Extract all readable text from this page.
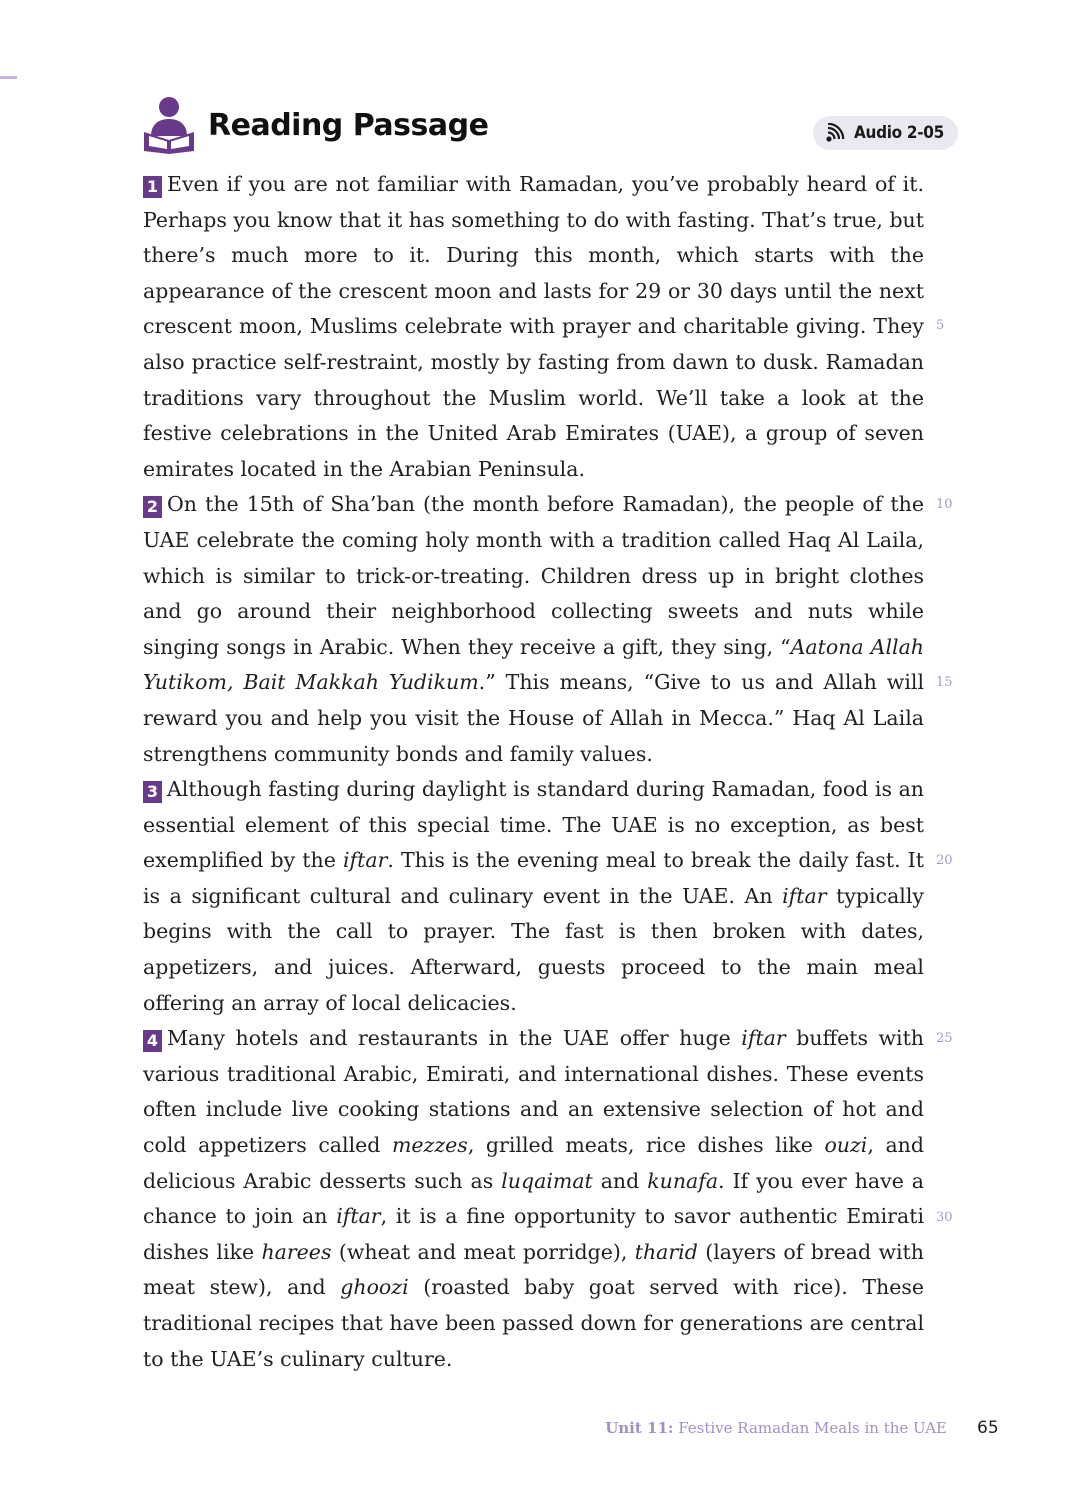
Reading Passage	Audio 2-05

1 Even if you are not familiar with Ramadan, you’ve probably heard of it. Perhaps you know that it has something to do with fasting. That’s true, but there’s much more to it. During this month, which starts with the appearance of the crescent moon and lasts for 29 or 30 days until the next crescent moon, Muslims celebrate with prayer and charitable giving. They also practice self-restraint, mostly by fasting from dawn to dusk. Ramadan traditions vary throughout the Muslim world. We’ll take a look at the festive celebrations in the United Arab Emirates (UAE), a group of seven emirates located in the Arabian Peninsula.

2 On the 15th of Sha’ban (the month before Ramadan), the people of the UAE celebrate the coming holy month with a tradition called Haq Al Laila, which is similar to trick-or-treating. Children dress up in bright clothes and go around their neighborhood collecting sweets and nuts while singing songs in Arabic. When they receive a gift, they sing, “Aatona Allah Yutikom, Bait Makkah Yudikum.” This means, “Give to us and Allah will reward you and help you visit the House of Allah in Mecca.” Haq Al Laila strengthens community bonds and family values.

3 Although fasting during daylight is standard during Ramadan, food is an essential element of this special time. The UAE is no exception, as best exemplified by the iftar. This is the evening meal to break the daily fast. It is a significant cultural and culinary event in the UAE. An iftar typically begins with the call to prayer. The fast is then broken with dates, appetizers, and juices. Afterward, guests proceed to the main meal offering an array of local delicacies.

4 Many hotels and restaurants in the UAE offer huge iftar buffets with various traditional Arabic, Emirati, and international dishes. These events often include live cooking stations and an extensive selection of hot and cold appetizers called mezzes, grilled meats, rice dishes like ouzi, and delicious Arabic desserts such as luqaimat and kunafa. If you ever have a chance to join an iftar, it is a fine opportunity to savor authentic Emirati dishes like harees (wheat and meat porridge), tharid (layers of bread with meat stew), and ghoozi (roasted baby goat served with rice). These traditional recipes that have been passed down for generations are central to the UAE’s culinary culture.

5
10
15
20
25
30
Unit 11: Festive Ramadan Meals in the UAE 65
